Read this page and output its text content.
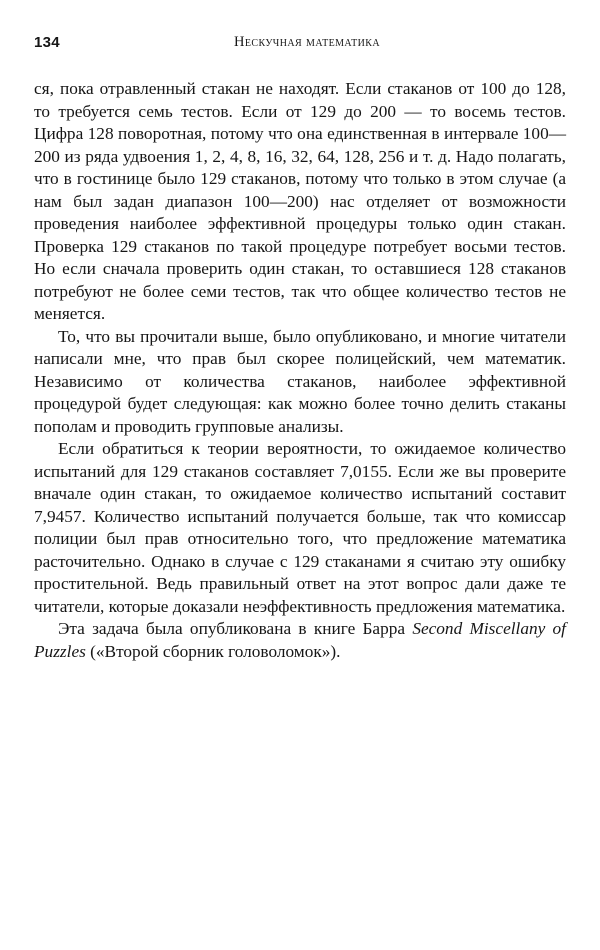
134	Нескучная математика

ся, пока отравленный стакан не находят. Если стаканов от 100 до 128, то требуется семь тестов. Если от 129 до 200 — то восемь тестов. Цифра 128 поворотная, потому что она единственная в интервале 100—200 из ряда удвоения 1, 2, 4, 8, 16, 32, 64, 128, 256 и т. д. Надо полагать, что в гостинице было 129 стаканов, потому что только в этом случае (а нам был задан диапазон 100—200) нас отделяет от возможности проведения наиболее эффективной процедуры только один стакан. Проверка 129 стаканов по такой процедуре потребует восьми тестов. Но если сначала проверить один стакан, то оставшиеся 128 стаканов потребуют не более семи тестов, так что общее количество тестов не меняется.

То, что вы прочитали выше, было опубликовано, и многие читатели написали мне, что прав был скорее полицейский, чем математик. Независимо от количества стаканов, наиболее эффективной процедурой будет следующая: как можно более точно делить стаканы пополам и проводить групповые анализы.

Если обратиться к теории вероятности, то ожидаемое количество испытаний для 129 стаканов составляет 7,0155. Если же вы проверите вначале один стакан, то ожидаемое количество испытаний составит 7,9457. Количество испытаний получается больше, так что комиссар полиции был прав относительно того, что предложение математика расточительно. Однако в случае с 129 стаканами я считаю эту ошибку простительной. Ведь правильный ответ на этот вопрос дали даже те читатели, которые доказали неэффективность предложения математика.

Эта задача была опубликована в книге Барра Second Miscellany of Puzzles («Второй сборник головоломок»).
